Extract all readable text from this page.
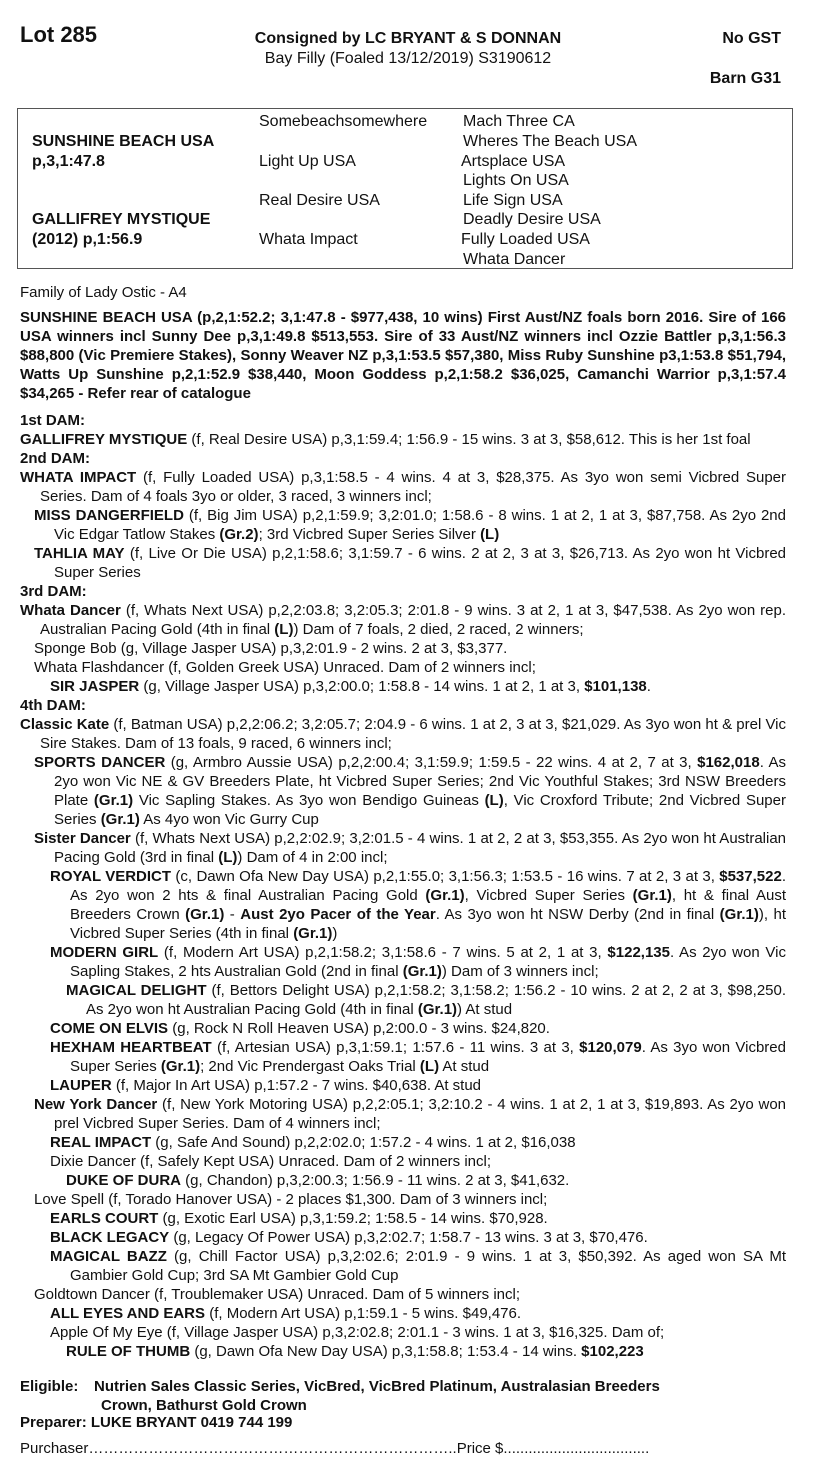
Lot 285	Consigned by LC BRYANT & S DONNAN
Bay Filly (Foaled 13/12/2019) S3190612
No GST
Barn G31
SUNSHINE BEACH USA
p,3,1:47.8
GALLIFREY MYSTIQUE
(2012) p,1:56.9
Somebeachsomewhere
Light Up USA
Real Desire USA
Whata Impact
Mach Three CA
Wheres The Beach USA
Artsplace USA
Lights On USA
Life Sign USA
Deadly Desire USA
Fully Loaded USA
Whata Dancer
Family of Lady Ostic - A4

SUNSHINE BEACH USA (p,2,1:52.2; 3,1:47.8 - $977,438, 10 wins) First Aust/NZ foals born 2016. Sire of 166 USA winners incl Sunny Dee p,3,1:49.8 $513,553. Sire of 33 Aust/NZ winners incl Ozzie Battler p,3,1:56.3 $88,800 (Vic Premiere Stakes), Sonny Weaver NZ p,3,1:53.5 $57,380, Miss Ruby Sunshine p3,1:53.8 $51,794, Watts Up Sunshine p,2,1:52.9 $38,440, Moon Goddess p,2,1:58.2 $36,025, Camanchi Warrior p,3,1:57.4 $34,265 - Refer rear of catalogue

1st DAM:

GALLIFREY MYSTIQUE (f, Real Desire USA) p,3,1:59.4; 1:56.9 - 15 wins. 3 at 3, $58,612. This is her 1st foal

2nd DAM:

WHATA IMPACT (f, Fully Loaded USA) p,3,1:58.5 - 4 wins. 4 at 3, $28,375. As 3yo won semi Vicbred Super Series. Dam of 4 foals 3yo or older, 3 raced, 3 winners incl;

MISS DANGERFIELD (f, Big Jim USA) p,2,1:59.9; 3,2:01.0; 1:58.6 - 8 wins. 1 at 2, 1 at 3, $87,758. As 2yo 2nd Vic Edgar Tatlow Stakes (Gr.2); 3rd Vicbred Super Series Silver (L)

TAHLIA MAY (f, Live Or Die USA) p,2,1:58.6; 3,1:59.7 - 6 wins. 2 at 2, 3 at 3, $26,713. As 2yo won ht Vicbred Super Series

3rd DAM:

Whata Dancer (f, Whats Next USA) p,2,2:03.8; 3,2:05.3; 2:01.8 - 9 wins. 3 at 2, 1 at 3, $47,538. As 2yo won rep. Australian Pacing Gold (4th in final (L)) Dam of 7 foals, 2 died, 2 raced, 2 winners;

Sponge Bob (g, Village Jasper USA) p,3,2:01.9 - 2 wins. 2 at 3, $3,377.

Whata Flashdancer (f, Golden Greek USA) Unraced. Dam of 2 winners incl;

SIR JASPER (g, Village Jasper USA) p,3,2:00.0; 1:58.8 - 14 wins. 1 at 2, 1 at 3, $101,138.

4th DAM:

Classic Kate (f, Batman USA) p,2,2:06.2; 3,2:05.7; 2:04.9 - 6 wins. 1 at 2, 3 at 3, $21,029. As 3yo won ht & prel Vic Sire Stakes. Dam of 13 foals, 9 raced, 6 winners incl;

SPORTS DANCER (g, Armbro Aussie USA) p,2,2:00.4; 3,1:59.9; 1:59.5 - 22 wins. 4 at 2, 7 at 3, $162,018. As 2yo won Vic NE & GV Breeders Plate, ht Vicbred Super Series; 2nd Vic Youthful Stakes; 3rd NSW Breeders Plate (Gr.1) Vic Sapling Stakes. As 3yo won Bendigo Guineas (L), Vic Croxford Tribute; 2nd Vicbred Super Series (Gr.1) As 4yo won Vic Gurry Cup

Sister Dancer (f, Whats Next USA) p,2,2:02.9; 3,2:01.5 - 4 wins. 1 at 2, 2 at 3, $53,355. As 2yo won ht Australian Pacing Gold (3rd in final (L)) Dam of 4 in 2:00 incl;

ROYAL VERDICT (c, Dawn Ofa New Day USA) p,2,1:55.0; 3,1:56.3; 1:53.5 - 16 wins. 7 at 2, 3 at 3, $537,522. As 2yo won 2 hts & final Australian Pacing Gold (Gr.1), Vicbred Super Series (Gr.1), ht & final Aust Breeders Crown (Gr.1) - Aust 2yo Pacer of the Year. As 3yo won ht NSW Derby (2nd in final (Gr.1)), ht Vicbred Super Series (4th in final (Gr.1))

MODERN GIRL (f, Modern Art USA) p,2,1:58.2; 3,1:58.6 - 7 wins. 5 at 2, 1 at 3, $122,135. As 2yo won Vic Sapling Stakes, 2 hts Australian Gold (2nd in final (Gr.1)) Dam of 3 winners incl;

MAGICAL DELIGHT (f, Bettors Delight USA) p,2,1:58.2; 3,1:58.2; 1:56.2 - 10 wins. 2 at 2, 2 at 3, $98,250. As 2yo won ht Australian Pacing Gold (4th in final (Gr.1)) At stud

COME ON ELVIS (g, Rock N Roll Heaven USA) p,2:00.0 - 3 wins. $24,820.

HEXHAM HEARTBEAT (f, Artesian USA) p,3,1:59.1; 1:57.6 - 11 wins. 3 at 3, $120,079. As 3yo won Vicbred Super Series (Gr.1); 2nd Vic Prendergast Oaks Trial (L) At stud

LAUPER (f, Major In Art USA) p,1:57.2 - 7 wins. $40,638. At stud

New York Dancer (f, New York Motoring USA) p,2,2:05.1; 3,2:10.2 - 4 wins. 1 at 2, 1 at 3, $19,893. As 2yo won prel Vicbred Super Series. Dam of 4 winners incl;

REAL IMPACT (g, Safe And Sound) p,2,2:02.0; 1:57.2 - 4 wins. 1 at 2, $16,038

Dixie Dancer (f, Safely Kept USA) Unraced. Dam of 2 winners incl;

DUKE OF DURA (g, Chandon) p,3,2:00.3; 1:56.9 - 11 wins. 2 at 3, $41,632.

Love Spell (f, Torado Hanover USA) - 2 places $1,300. Dam of 3 winners incl;

EARLS COURT (g, Exotic Earl USA) p,3,1:59.2; 1:58.5 - 14 wins. $70,928.

BLACK LEGACY (g, Legacy Of Power USA) p,3,2:02.7; 1:58.7 - 13 wins. 3 at 3, $70,476.

MAGICAL BAZZ (g, Chill Factor USA) p,3,2:02.6; 2:01.9 - 9 wins. 1 at 3, $50,392. As aged won SA Mt Gambier Gold Cup; 3rd SA Mt Gambier Gold Cup

Goldtown Dancer (f, Troublemaker USA) Unraced. Dam of 5 winners incl;

ALL EYES AND EARS (f, Modern Art USA) p,1:59.1 - 5 wins. $49,476.

Apple Of My Eye (f, Village Jasper USA) p,3,2:02.8; 2:01.1 - 3 wins. 1 at 3, $16,325. Dam of;

RULE OF THUMB (g, Dawn Ofa New Day USA) p,3,1:58.8; 1:53.4 - 14 wins. $102,223

Eligible: Nutrien Sales Classic Series, VicBred, VicBred Platinum, Australasian Breeders
Crown, Bathurst Gold Crown
Preparer: LUKE BRYANT 0419 744 199
Purchaser………………………………………………………………..Price $...................................
